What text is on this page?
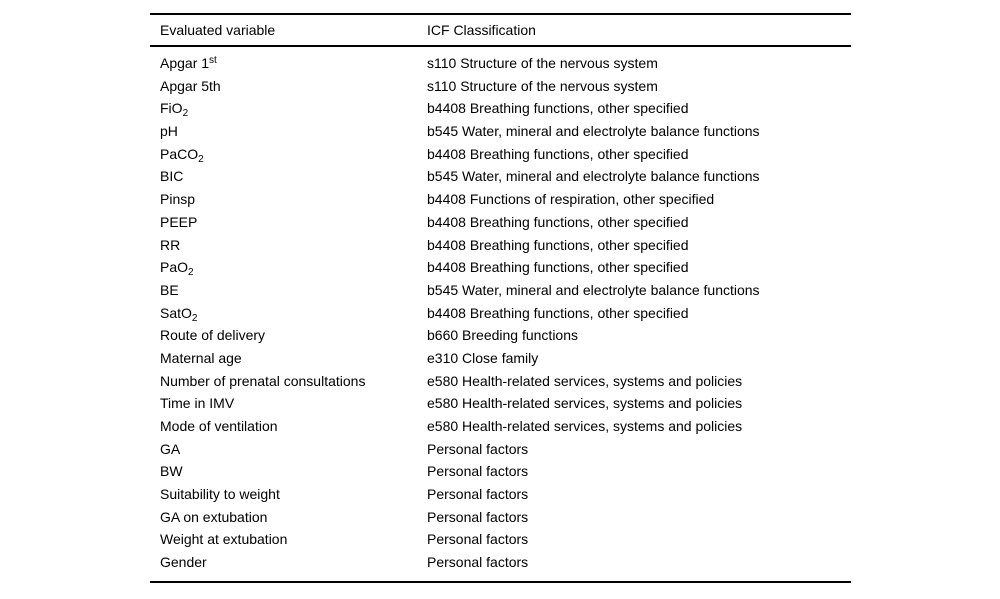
Evaluated variable	ICF Classification
Apgar 1st	s110 Structure of the nervous system
Apgar 5th	s110 Structure of the nervous system
FiO$_2$	b4408 Breathing functions, other specified
pH	b545 Water, mineral and electrolyte balance functions
PaCO$_2$	b4408 Breathing functions, other specified
BIC	b545 Water, mineral and electrolyte balance functions
Pinsp	b4408 Functions of respiration, other specified
PEEP	b4408 Breathing functions, other specified
RR	b4408 Breathing functions, other specified
PaO$_2$	b4408 Breathing functions, other specified
BE	b545 Water, mineral and electrolyte balance functions
SatO$_2$	b4408 Breathing functions, other specified
Route of delivery	b660 Breeding functions
Maternal age	e310 Close family
Number of prenatal consultations	e580 Health-related services, systems and policies
Time in IMV	e580 Health-related services, systems and policies
Mode of ventilation	e580 Health-related services, systems and policies
GA	Personal factors
BW	Personal factors
Suitability to weight	Personal factors
GA on extubation	Personal factors
Weight at extubation	Personal factors
Gender	Personal factors
